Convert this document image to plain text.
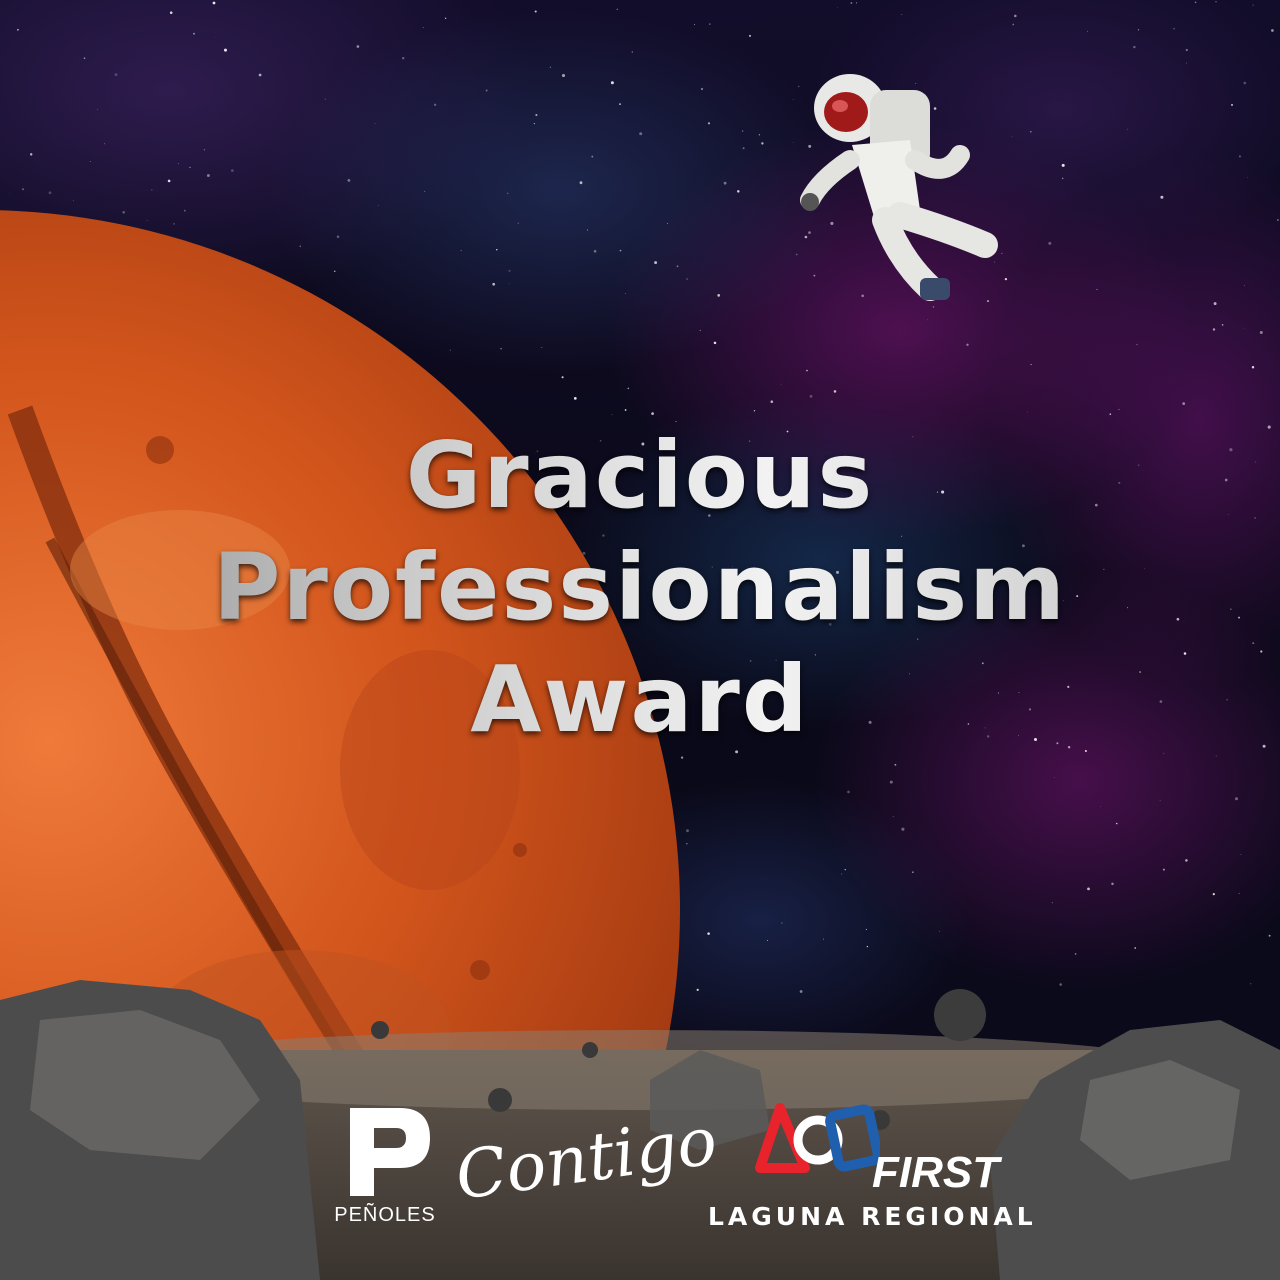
Gracious
Professionalism
Award
PEÑOLES
Contigo	FIRST
LAGUNA REGIONAL
